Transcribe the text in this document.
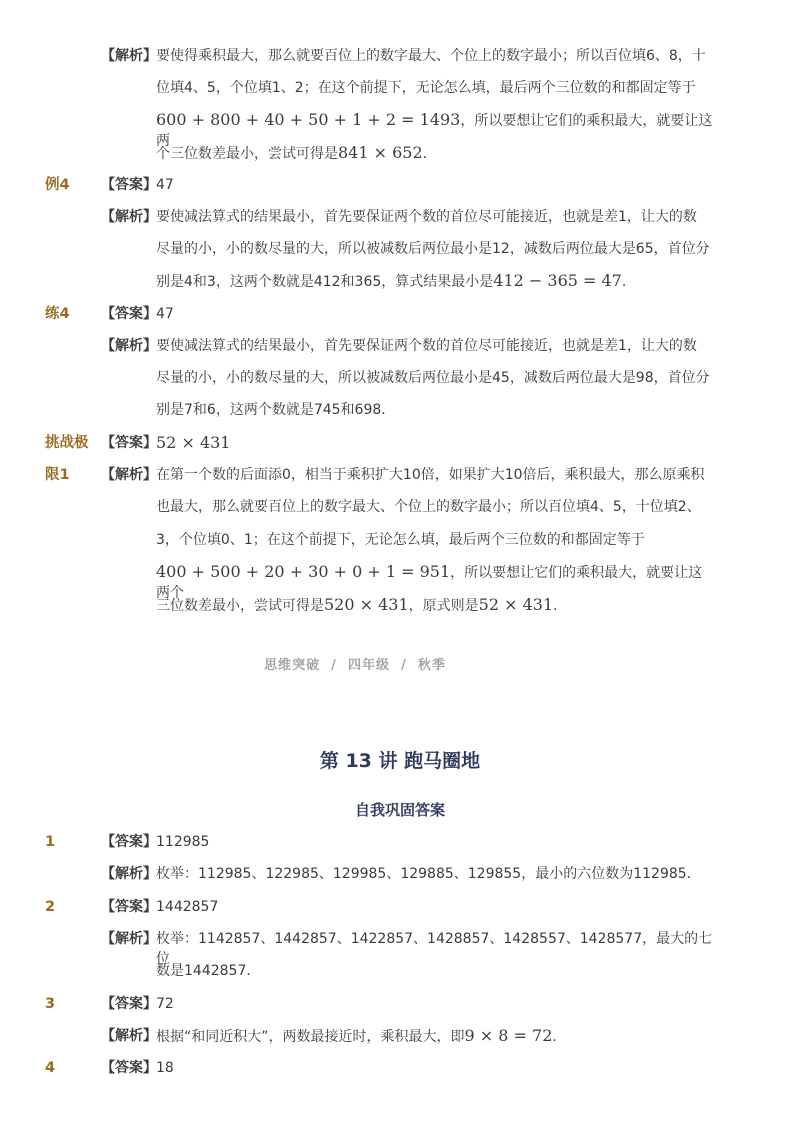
【解析】 要使得乘积最大，那么就要百位上的数字最大、个位上的数字最小；所以百位填6、8，十
位填4、5，个位填1、2；在这个前提下，无论怎么填，最后两个三位数的和都固定等于
600 + 800 + 40 + 50 + 1 + 2 = 1493，所以要想让它们的乘积最大，就要让这两
个三位数差最小，尝试可得是841 × 652．
例4 【答案】 47
【解析】 要使减法算式的结果最小，首先要保证两个数的首位尽可能接近，也就是差1，让大的数
尽量的小，小的数尽量的大，所以被减数后两位最小是12，减数后两位最大是65，首位分
别是4和3，这两个数就是412和365，算式结果最小是412 − 365 = 47.
练4 【答案】 47
【解析】 要使减法算式的结果最小，首先要保证两个数的首位尽可能接近，也就是差1，让大的数
尽量的小，小的数尽量的大，所以被减数后两位最小是45，减数后两位最大是98，首位分
别是7和6，这两个数就是745和698．
挑战极 【答案】 52 × 431
限1 【解析】 在第一个数的后面添0，相当于乘积扩大10倍，如果扩大10倍后，乘积最大，那么原乘积
也最大，那么就要百位上的数字最大、个位上的数字最小；所以百位填4、5，十位填2、
3，个位填0、1；在这个前提下，无论怎么填，最后两个三位数的和都固定等于
400 + 500 + 20 + 30 + 0 + 1 = 951，所以要想让它们的乘积最大，就要让这两个
三位数差最小，尝试可得是520 × 431，原式则是52 × 431．
思维突破 / 四年级 / 秋季
第 13 讲 跑马圈地
自我巩固答案
1	【答案】 112985
【解析】 枚举：112985、122985、129985、129885、129855，最小的六位数为112985．
2	【答案】 1442857
【解析】 枚举：1142857、1442857、1422857、1428857、1428557、1428577，最大的七位
数是1442857．
3	【答案】 72
【解析】 根据“和同近积大”，两数最接近时，乘积最大，即9 × 8 = 72．
4	【答案】 18
